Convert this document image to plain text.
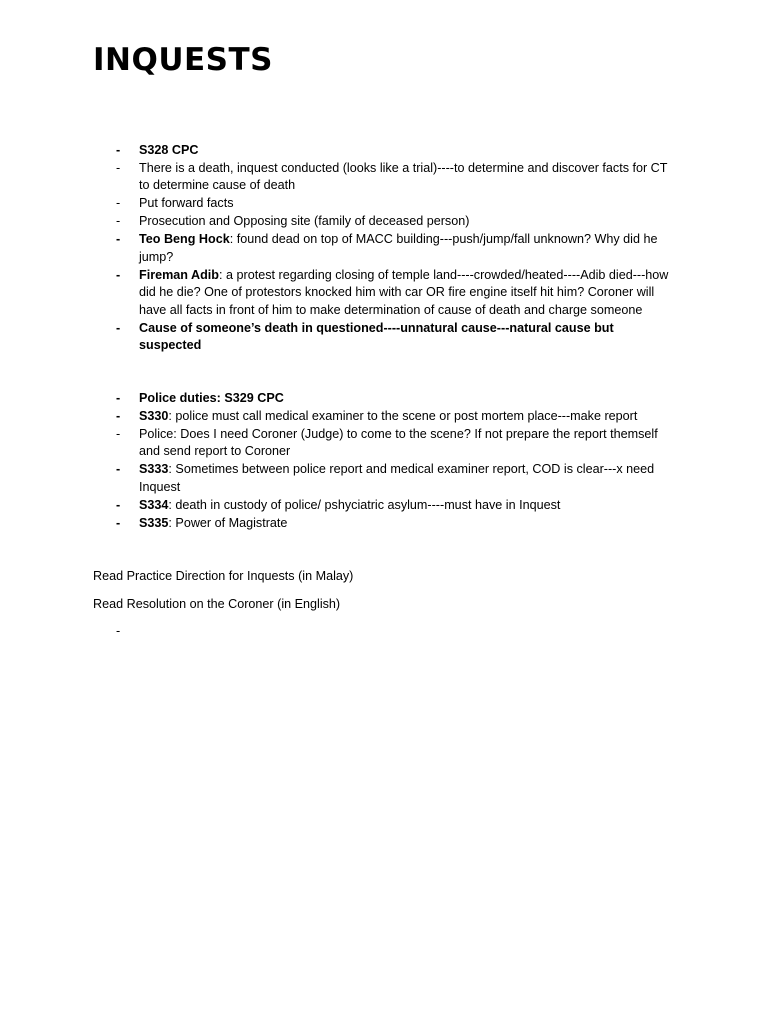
INQUESTS
-	S328 CPC
-	There is a death, inquest conducted (looks like a trial)----to determine and discover facts for CT to determine cause of death
-	Put forward facts
-	Prosecution and Opposing site (family of deceased person)
-	Teo Beng Hock: found dead on top of MACC building---push/jump/fall unknown? Why did he jump?
-	Fireman Adib: a protest regarding closing of temple land----crowded/heated----Adib died---how did he die? One of protestors knocked him with car OR fire engine itself hit him? Coroner will have all facts in front of him to make determination of cause of death and charge someone
-	Cause of someone’s death in questioned----unnatural cause---natural cause but suspected
-	Police duties: S329 CPC
-	S330: police must call medical examiner to the scene or post mortem place---make report
-	Police: Does I need Coroner (Judge) to come to the scene? If not prepare the report themself and send report to Coroner
-	S333: Sometimes between police report and medical examiner report, COD is clear---x need Inquest
-	S334: death in custody of police/ pshyciatric asylum----must have in Inquest
-	S335: Power of Magistrate

Read Practice Direction for Inquests (in Malay)

Read Resolution on the Coroner (in English)

-
